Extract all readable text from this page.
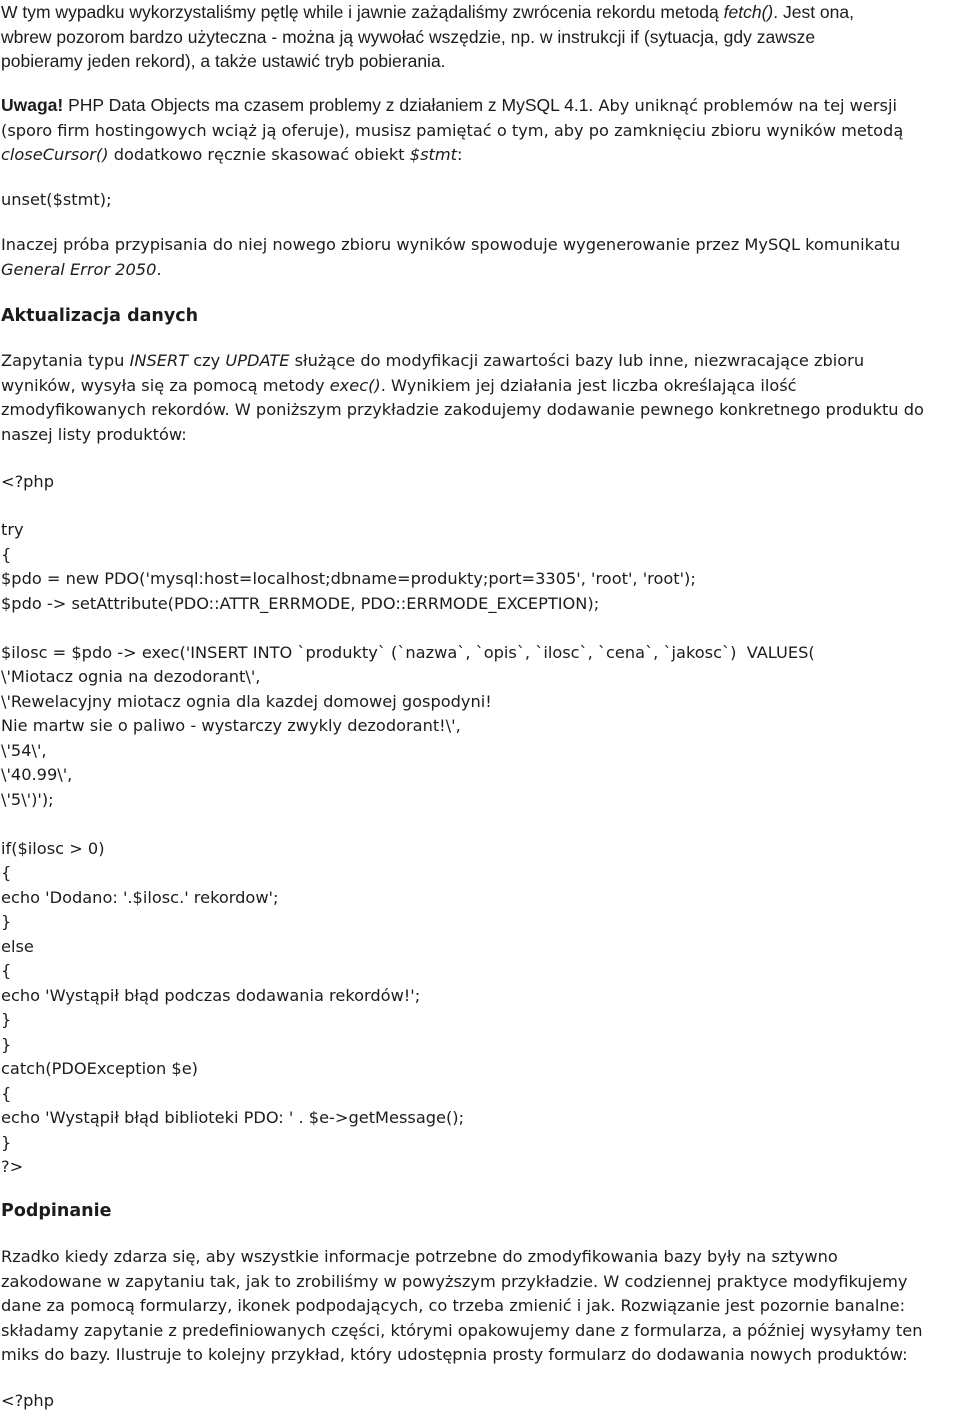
W tym wypadku wykorzystaliśmy pętlę while i jawnie zażądaliśmy zwrócenia rekordu metodą fetch(). Jest ona,
wbrew pozorom bardzo użyteczna - można ją wywołać wszędzie, np. w instrukcji if (sytuacja, gdy zawsze
pobieramy jeden rekord), a także ustawić tryb pobierania.
Uwaga! PHP Data Objects ma czasem problemy z działaniem z MySQL 4.1. Aby uniknąć problemów na tej wersji
(sporo firm hostingowych wciąż ją oferuje), musisz pamiętać o tym, aby po zamknięciu zbioru wyników metodą
closeCursor() dodatkowo ręcznie skasować obiekt $stmt:
unset($stmt);
Inaczej próba przypisania do niej nowego zbioru wyników spowoduje wygenerowanie przez MySQL komunikatu
General Error 2050.
Aktualizacja danych
Zapytania typu INSERT czy UPDATE służące do modyfikacji zawartości bazy lub inne, niezwracające zbioru
wyników, wysyła się za pomocą metody exec(). Wynikiem jej działania jest liczba określająca ilość
zmodyfikowanych rekordów. W poniższym przykładzie zakodujemy dodawanie pewnego konkretnego produktu do
naszej listy produktów:
<?php
try
{
$pdo = new PDO('mysql:host=localhost;dbname=produkty;port=3305', 'root', 'root');
$pdo -> setAttribute(PDO::ATTR_ERRMODE, PDO::ERRMODE_EXCEPTION);
$ilosc = $pdo -> exec('INSERT INTO `produkty` (`nazwa`, `opis`, `ilosc`, `cena`, `jakosc`)  VALUES(
\'Miotacz ognia na dezodorant\',
\'Rewelacyjny miotacz ognia dla kazdej domowej gospodyni!
Nie martw sie o paliwo - wystarczy zwykly dezodorant!\',
\'54\',
\'40.99\',
\'5\')');
if($ilosc > 0)
{
echo 'Dodano: '.$ilosc.' rekordow';
}
else
{
echo 'Wystąpił błąd podczas dodawania rekordów!';
}
}
catch(PDOException $e)
{
echo 'Wystąpił błąd biblioteki PDO: ' . $e->getMessage();
}
?>
Podpinanie
Rzadko kiedy zdarza się, aby wszystkie informacje potrzebne do zmodyfikowania bazy były na sztywno
zakodowane w zapytaniu tak, jak to zrobiliśmy w powyższym przykładzie. W codziennej praktyce modyfikujemy
dane za pomocą formularzy, ikonek podpodających, co trzeba zmienić i jak. Rozwiązanie jest pozornie banalne:
składamy zapytanie z predefiniowanych części, którymi opakowujemy dane z formularza, a później wysyłamy ten
miks do bazy. Ilustruje to kolejny przykład, który udostępnia prosty formularz do dodawania nowych produktów:
<?php
